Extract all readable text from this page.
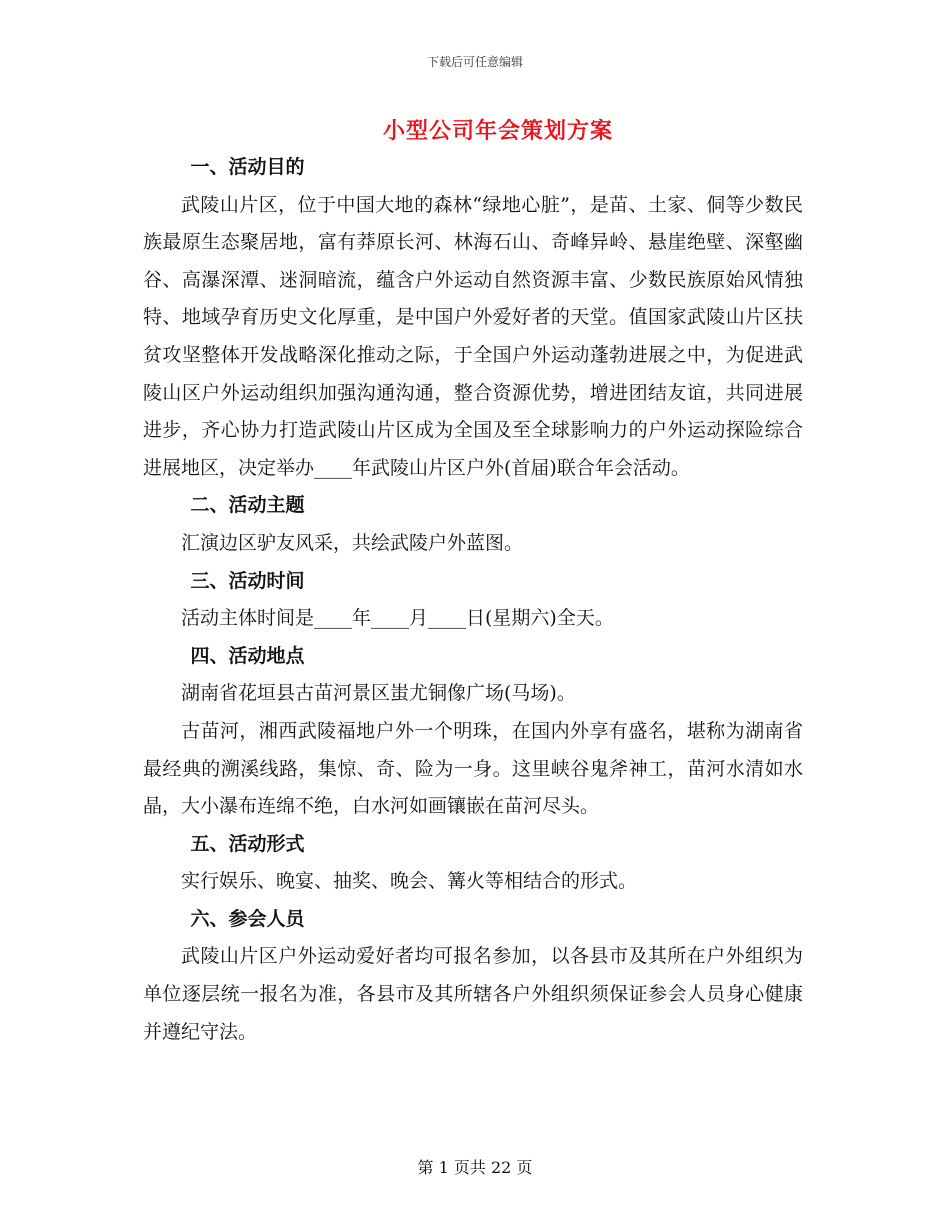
下载后可任意编辑
小型公司年会策划方案
一、活动目的

武陵山片区，位于中国大地的森林“绿地心脏”，是苗、土家、侗等少数民族最原生态聚居地，富有莽原长河、林海石山、奇峰异岭、悬崖绝壁、深壑幽谷、高瀑深潭、迷洞暗流，蕴含户外运动自然资源丰富、少数民族原始风情独特、地域孕育历史文化厚重，是中国户外爱好者的天堂。值国家武陵山片区扶贫攻坚整体开发战略深化推动之际，于全国户外运动蓬勃进展之中，为促进武陵山区户外运动组织加强沟通沟通，整合资源优势，增进团结友谊，共同进展进步，齐心协力打造武陵山片区成为全国及至全球影响力的户外运动探险综合进展地区，决定举办____年武陵山片区户外(首届)联合年会活动。

二、活动主题

汇演边区驴友风采，共绘武陵户外蓝图。

三、活动时间

活动主体时间是____年____月____日(星期六)全天。

四、活动地点

湖南省花垣县古苗河景区蚩尤铜像广场(马场)。

古苗河，湘西武陵福地户外一个明珠，在国内外享有盛名，堪称为湖南省最经典的溯溪线路，集惊、奇、险为一身。这里峡谷鬼斧神工，苗河水清如水晶，大小瀑布连绵不绝，白水河如画镶嵌在苗河尽头。

五、活动形式

实行娱乐、晚宴、抽奖、晚会、篝火等相结合的形式。

六、参会人员

武陵山片区户外运动爱好者均可报名参加，以各县市及其所在户外组织为单位逐层统一报名为准，各县市及其所辖各户外组织须保证参会人员身心健康并遵纪守法。

第 1 页共 22 页
